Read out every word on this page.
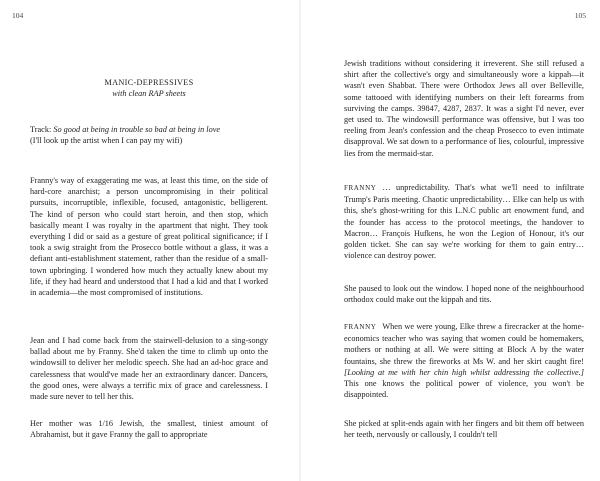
104
MANIC-DEPRESSIVES
with clean RAP sheets
Track: So good at being in trouble so bad at being in love
(I'll look up the artist when I can pay my wifi)

Franny's way of exaggerating me was, at least this time, on the side of hard-core anarchist; a person uncompromising in their political pursuits, incorruptible, inflexible, focused, antagonistic, belligerent. The kind of person who could start heroin, and then stop, which basically meant I was royalty in the apartment that night. They took everything I did or said as a gesture of great political significance; if I took a swig straight from the Prosecco bottle without a glass, it was a defiant anti-establishment statement, rather than the residue of a small-town upbringing. I wondered how much they actually knew about my life, if they had heard and understood that I had a kid and that I worked in academia—the most compromised of institutions.

Jean and I had come back from the stairwell-delusion to a sing-songy ballad about me by Franny. She'd taken the time to climb up onto the windowsill to deliver her melodic speech. She had an ad-hoc grace and carelessness that would've made her an extraordinary dancer. Dancers, the good ones, were always a terrific mix of grace and carelessness. I made sure never to tell her this.

Her mother was 1/16 Jewish, the smallest, tiniest amount of Abrahamist, but it gave Franny the gall to appropriate

105

Jewish traditions without considering it irreverent. She still refused a shirt after the collective's orgy and simultaneously wore a kippah—it wasn't even Shabbat. There were Orthodox Jews all over Belleville, some tattooed with identifying numbers on their left forearms from surviving the camps. 39847, 4287, 2837. It was a sight I'd never, ever get used to. The windowsill performance was offensive, but I was too reeling from Jean's confession and the cheap Prosecco to even intimate disapproval. We sat down to a performance of lies, colourful, impressive lies from the mermaid-star.

FRANNY … unpredictability. That's what we'll need to infiltrate Trump's Paris meeting. Chaotic unpredictability… Elke can help us with this, she's ghost-writing for this L.N.C public art enowment fund, and the founder has access to the protocol meetings, the handover to Macron… François Hufkens, he won the Legion of Honour, it's our golden ticket. She can say we're working for them to gain entry… violence can destroy power.

She paused to look out the window. I hoped none of the neighbourhood orthodox could make out the kippah and tits.

FRANNY When we were young, Elke threw a firecracker at the home-economics teacher who was saying that women could be homemakers, mothers or nothing at all. We were sitting at Block A by the water fountains, she threw the fireworks at Ms W. and her skirt caught fire! [Looking at me with her chin high whilst addressing the collective.] This one knows the political power of violence, you won't be disappointed.

She picked at split-ends again with her fingers and bit them off between her teeth, nervously or callously, I couldn't tell
